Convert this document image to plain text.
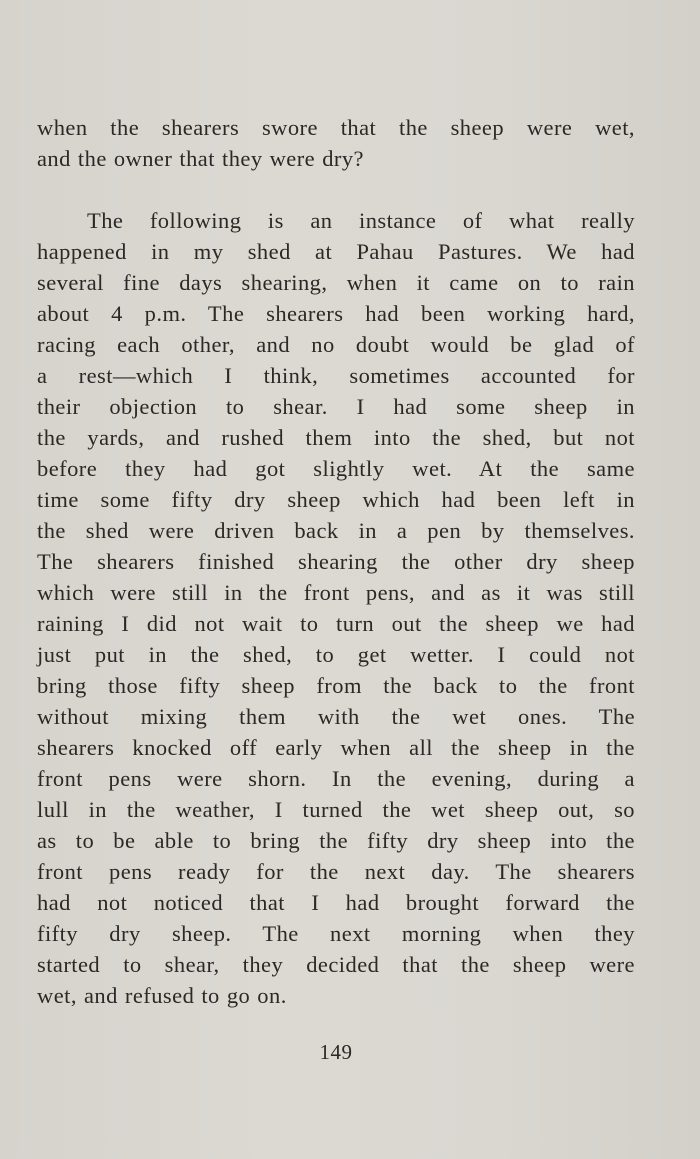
when the shearers swore that the sheep were wet,
and the owner that they were dry?
The following is an instance of what really
happened in my shed at Pahau Pastures. We had
several fine days shearing, when it came on to rain
about 4 p.m. The shearers had been working hard,
racing each other, and no doubt would be glad of
a rest—which I think, sometimes accounted for
their objection to shear. I had some sheep in
the yards, and rushed them into the shed, but not
before they had got slightly wet. At the same
time some fifty dry sheep which had been left in
the shed were driven back in a pen by themselves.
The shearers finished shearing the other dry sheep
which were still in the front pens, and as it was still
raining I did not wait to turn out the sheep we had
just put in the shed, to get wetter. I could not
bring those fifty sheep from the back to the front
without mixing them with the wet ones. The
shearers knocked off early when all the sheep in the
front pens were shorn. In the evening, during a
lull in the weather, I turned the wet sheep out, so
as to be able to bring the fifty dry sheep into the
front pens ready for the next day. The shearers
had not noticed that I had brought forward the
fifty dry sheep. The next morning when they
started to shear, they decided that the sheep were
wet, and refused to go on.
149
